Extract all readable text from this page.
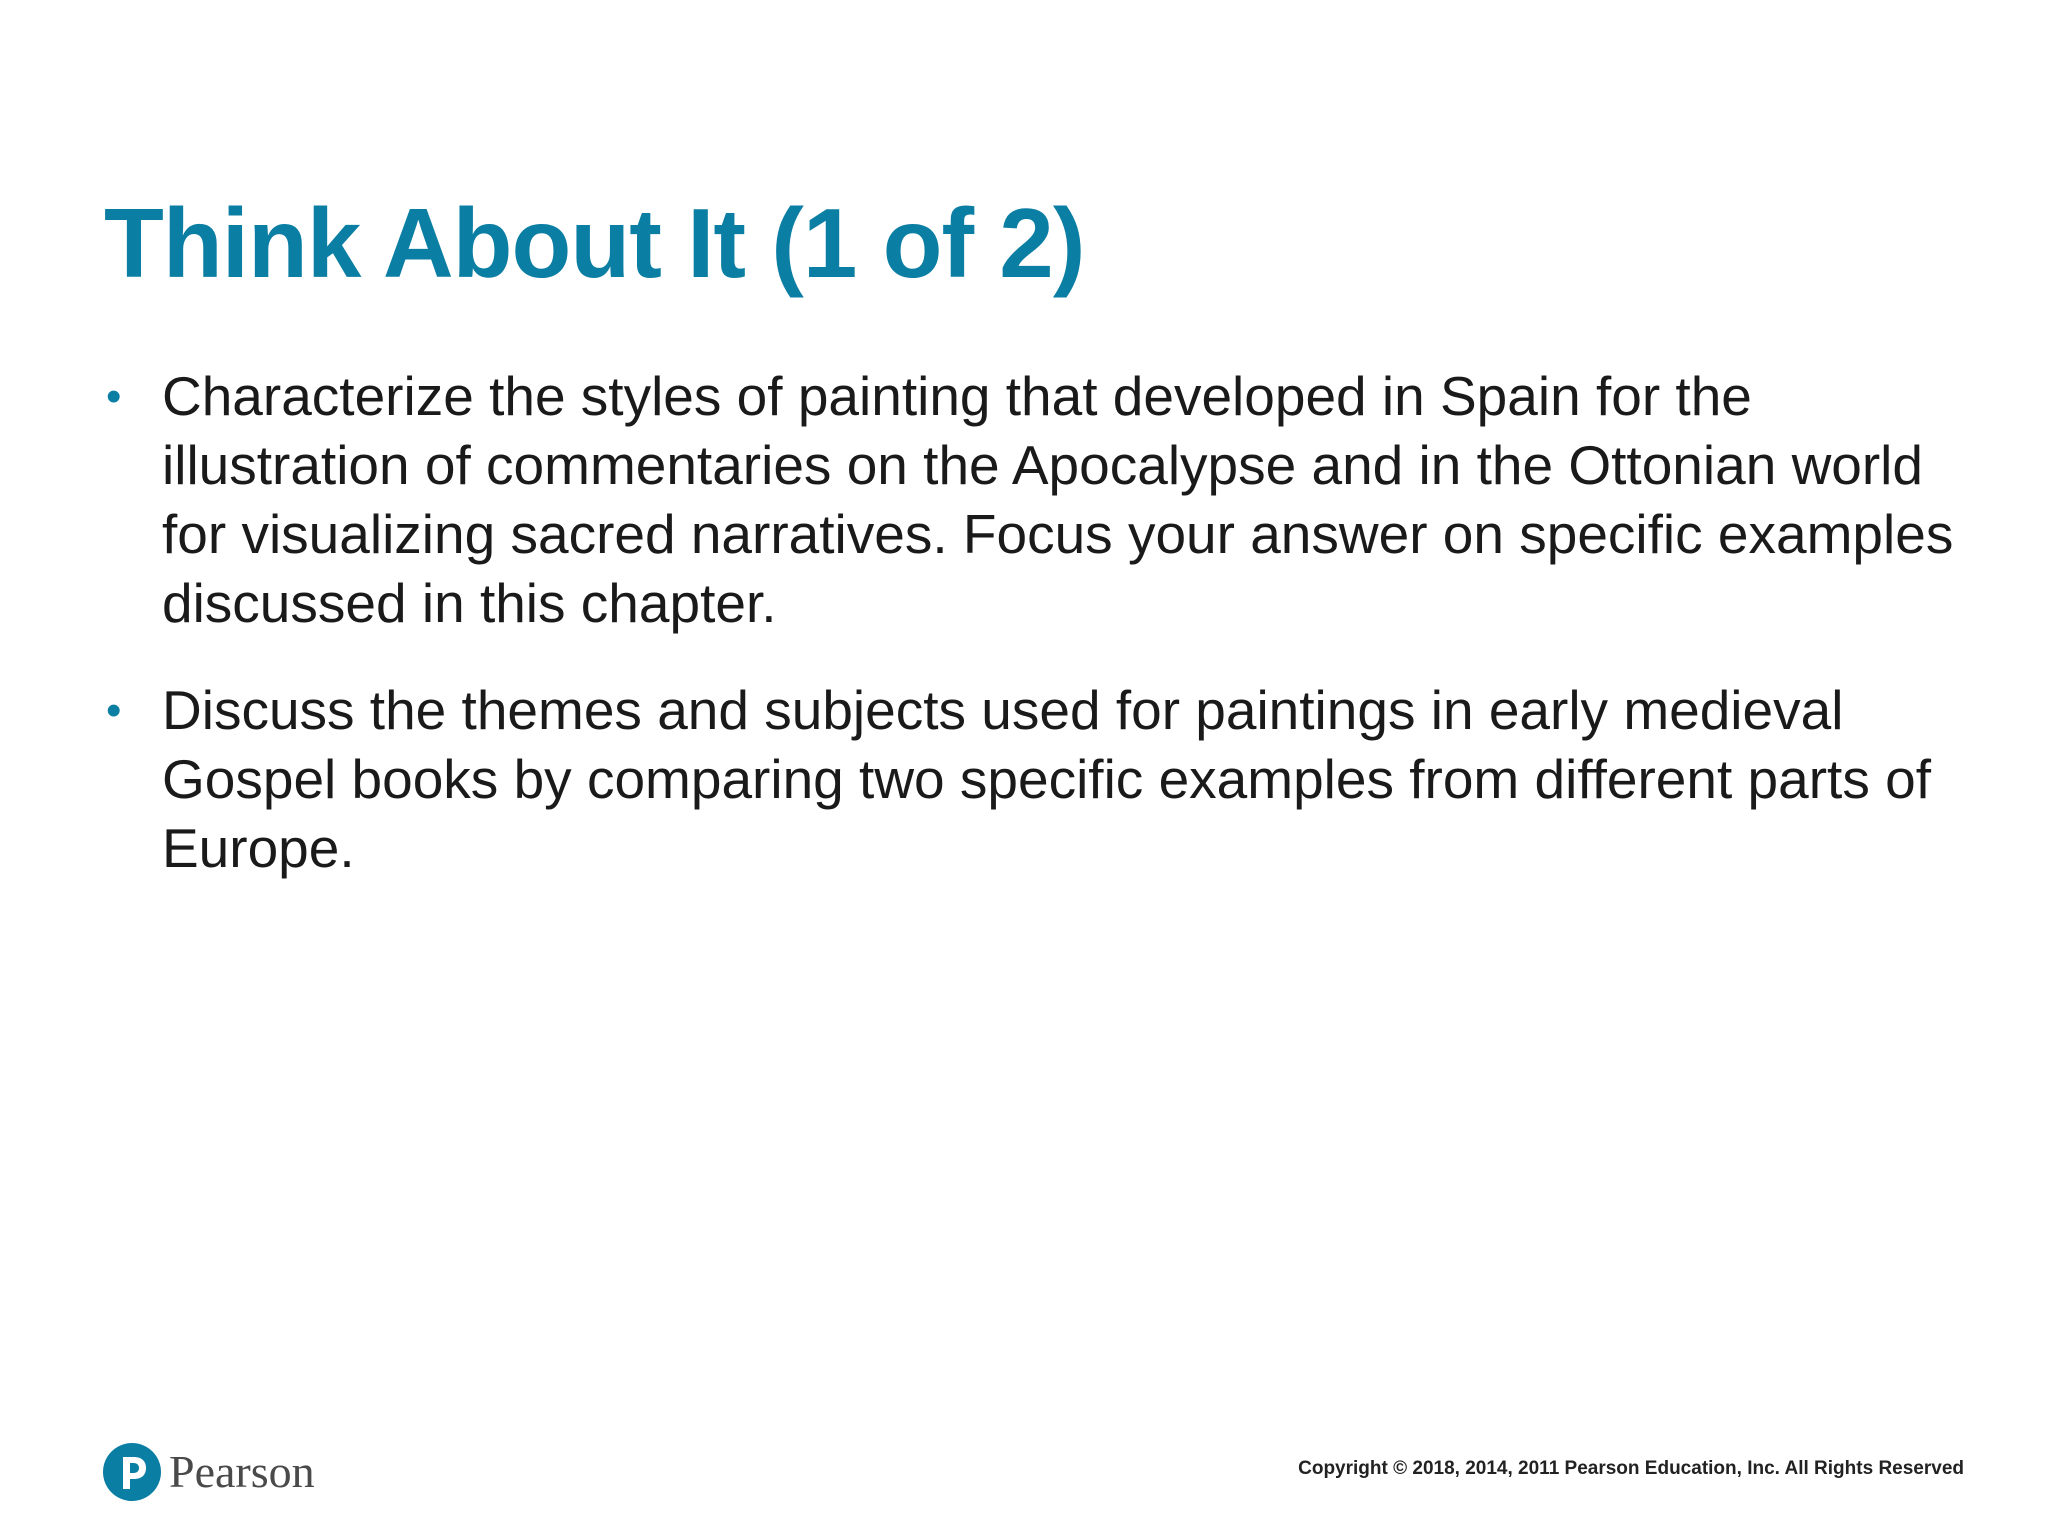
Think About It (1 of 2)
• Characterize the styles of painting that developed in Spain for the illustration of commentaries on the Apocalypse and in the Ottonian world for visualizing sacred narratives. Focus your answer on specific examples discussed in this chapter.
• Discuss the themes and subjects used for paintings in early medieval Gospel books by comparing two specific examples from different parts of Europe.
Pearson	Copyright © 2018, 2014, 2011 Pearson Education, Inc. All Rights Reserved
